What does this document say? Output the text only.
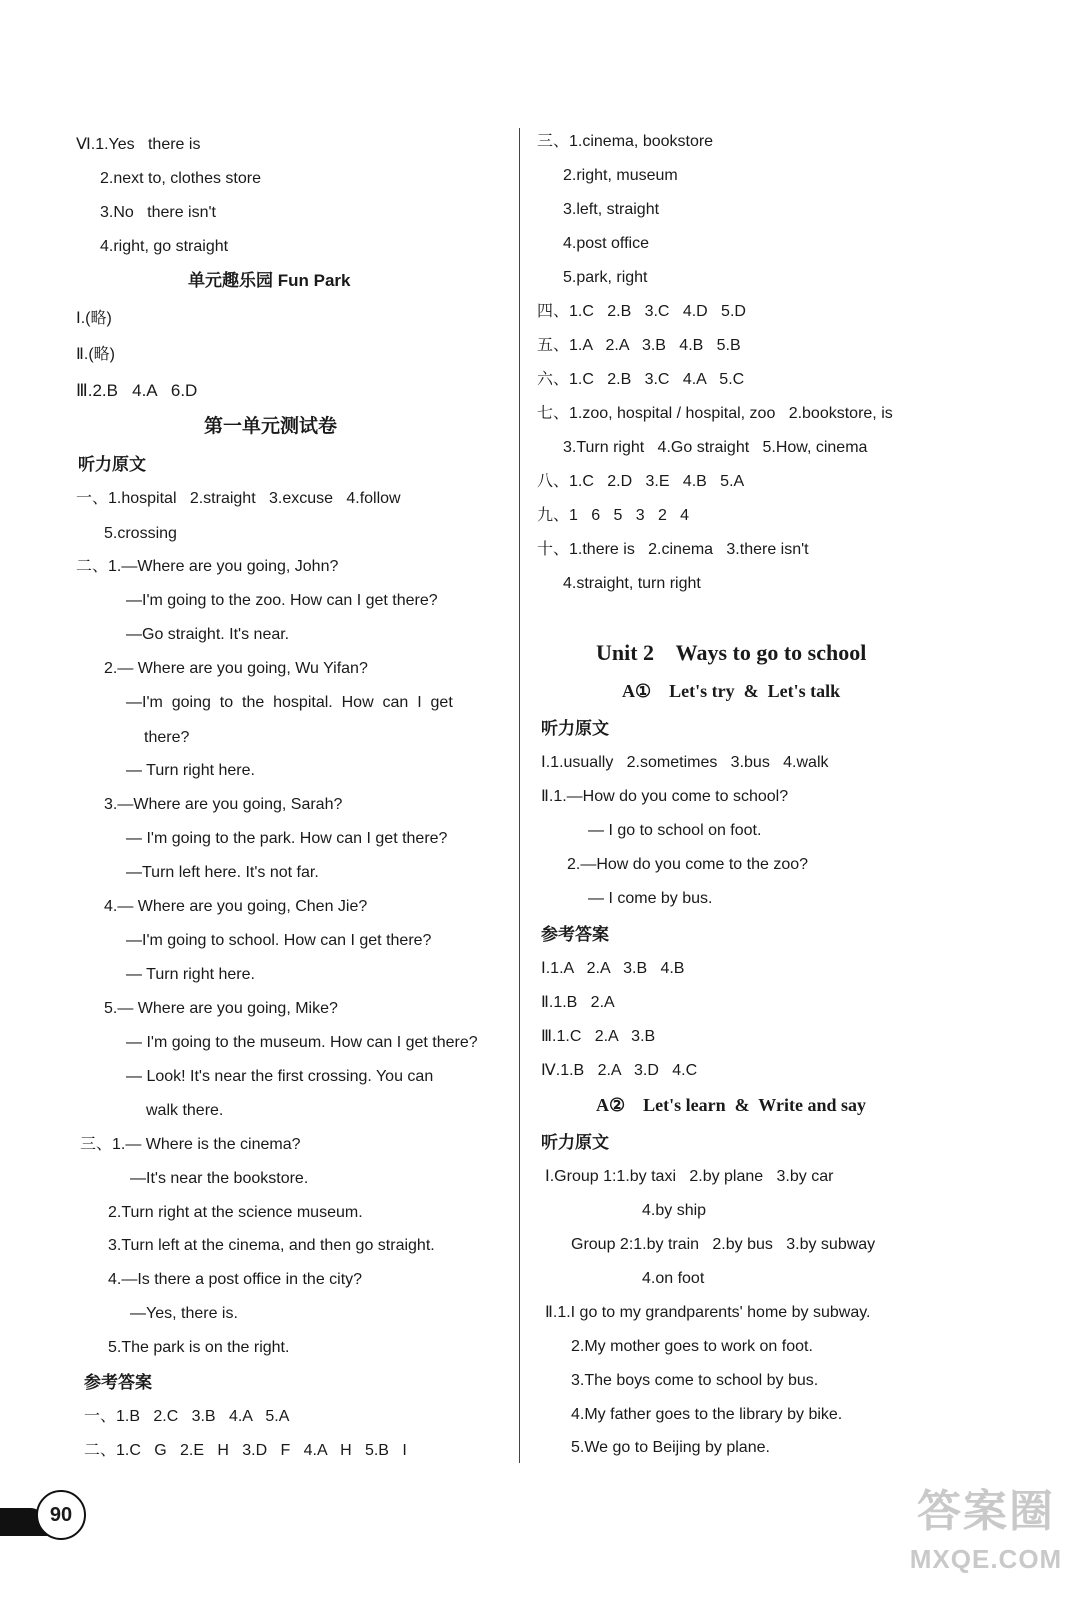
Ⅵ.1.Yes   there is
2.next to, clothes store
3.No   there isn't
4.right, go straight
单元趣乐园 Fun Park
Ⅰ.(略)
Ⅱ.(略)
Ⅲ.2.B   4.A   6.D
第一单元测试卷
听力原文
一、1.hospital   2.straight   3.excuse   4.follow
5.crossing
二、1.—Where are you going, John?
—I'm going to the zoo. How can I get there?
—Go straight. It's near.
2.— Where are you going, Wu Yifan?
—I'm  going  to  the  hospital.  How  can  I  get
there?
— Turn right here.
3.—Where are you going, Sarah?
— I'm going to the park. How can I get there?
—Turn left here. It's not far.
4.— Where are you going, Chen Jie?
—I'm going to school. How can I get there?
— Turn right here.
5.— Where are you going, Mike?
— I'm going to the museum. How can I get there?
— Look! It's near the first crossing. You can
walk there.
三、1.— Where is the cinema?
—It's near the bookstore.
2.Turn right at the science museum.
3.Turn left at the cinema, and then go straight.
4.—Is there a post office in the city?
—Yes, there is.
5.The park is on the right.
参考答案
一、1.B   2.C   3.B   4.A   5.A
二、1.C   G   2.E   H   3.D   F   4.A   H   5.B   I
三、1.cinema, bookstore
2.right, museum
3.left, straight
4.post office
5.park, right
四、1.C   2.B   3.C   4.D   5.D
五、1.A   2.A   3.B   4.B   5.B
六、1.C   2.B   3.C   4.A   5.C
七、1.zoo, hospital / hospital, zoo   2.bookstore, is
3.Turn right   4.Go straight   5.How, cinema
八、1.C   2.D   3.E   4.B   5.A
九、1   6   5   3   2   4
十、1.there is   2.cinema   3.there isn't
4.straight, turn right
Unit 2    Ways to go to school
A①    Let's try  &  Let's talk
听力原文
Ⅰ.1.usually   2.sometimes   3.bus   4.walk
Ⅱ.1.—How do you come to school?
— I go to school on foot.
2.—How do you come to the zoo?
— I come by bus.
参考答案
Ⅰ.1.A   2.A   3.B   4.B
Ⅱ.1.B   2.A
Ⅲ.1.C   2.A   3.B
Ⅳ.1.B   2.A   3.D   4.C
A②    Let's learn  &  Write and say
听力原文
Ⅰ.Group 1:1.by taxi   2.by plane   3.by car
4.by ship
Group 2:1.by train   2.by bus   3.by subway
4.on foot
Ⅱ.1.I go to my grandparents' home by subway.
2.My mother goes to work on foot.
3.The boys come to school by bus.
4.My father goes to the library by bike.
5.We go to Beijing by plane.
90	答案圈
MXQE.COM
